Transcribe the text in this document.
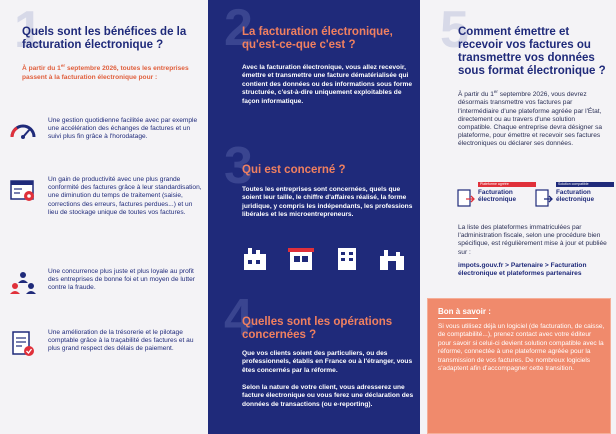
1
Quels sont les bénéfices de la facturation électronique ?
À partir du 1er septembre 2026, toutes les entreprises passent à la facturation électronique pour :
Une gestion quotidienne facilitée avec par exemple une accélération des échanges de factures et un suivi plus fin grâce à l'horodatage.
Un gain de productivité avec une plus grande conformité des factures grâce à leur standardisation, une diminution du temps de traitement (saisie, corrections des erreurs, factures perdues...) et un lieu de stockage unique de toutes vos factures.
Une concurrence plus juste et plus loyale au profit des entreprises de bonne foi et un moyen de lutter contre la fraude.
Une amélioration de la trésorerie et le pilotage comptable grâce à la traçabilité des factures et au plus grand respect des délais de paiement.
2
La facturation électronique, qu'est-ce-que c'est ?
Avec la facturation électronique, vous allez recevoir, émettre et transmettre une facture dématérialisée qui contient des données ou des informations sous forme structurée, c'est-à-dire uniquement exploitables de façon informatique.
3
Qui est concerné ?
Toutes les entreprises sont concernées, quels que soient leur taille, le chiffre d'affaires réalisé, la forme juridique, y compris les indépendants, les professions libérales et les microentrepreneurs.
4
Quelles sont les opérations concernées ?
Que vos clients soient des particuliers, ou des professionnels, établis en France ou à l'étranger, vous êtes concernés par la réforme.
Selon la nature de votre client, vous adresserez une facture électronique ou vous ferez une déclaration des données de transactions (ou e-reporting).
5
Comment émettre et recevoir vos factures ou transmettre vos données sous format électronique ?
À partir du 1er septembre 2026, vous devrez désormais transmettre vos factures par l'intermédiaire d'une plateforme agréée par l'État, directement ou au travers d'une solution compatible. Chaque entreprise devra désigner sa plateforme, pour émettre et recevoir ses factures électroniques ou déclarer ses données.
Plateforme agréée
Facturation
électronique
Solution compatible
Facturation
électronique
La liste des plateformes immatriculées par l'administration fiscale, selon une procédure bien spécifique, est régulièrement mise à jour et publiée sur :
impots.gouv.fr > Partenaire > Facturation électronique et plateformes partenaires
Bon à savoir :
Si vous utilisez déjà un logiciel (de facturation, de caisse, de comptabilité...), prenez contact avec votre éditeur pour savoir si celui-ci devient solution compatible avec la réforme, connectée à une plateforme agréée pour la transmission de vos factures. De nombreux logiciels s'adaptent afin d'accompagner cette transition.
